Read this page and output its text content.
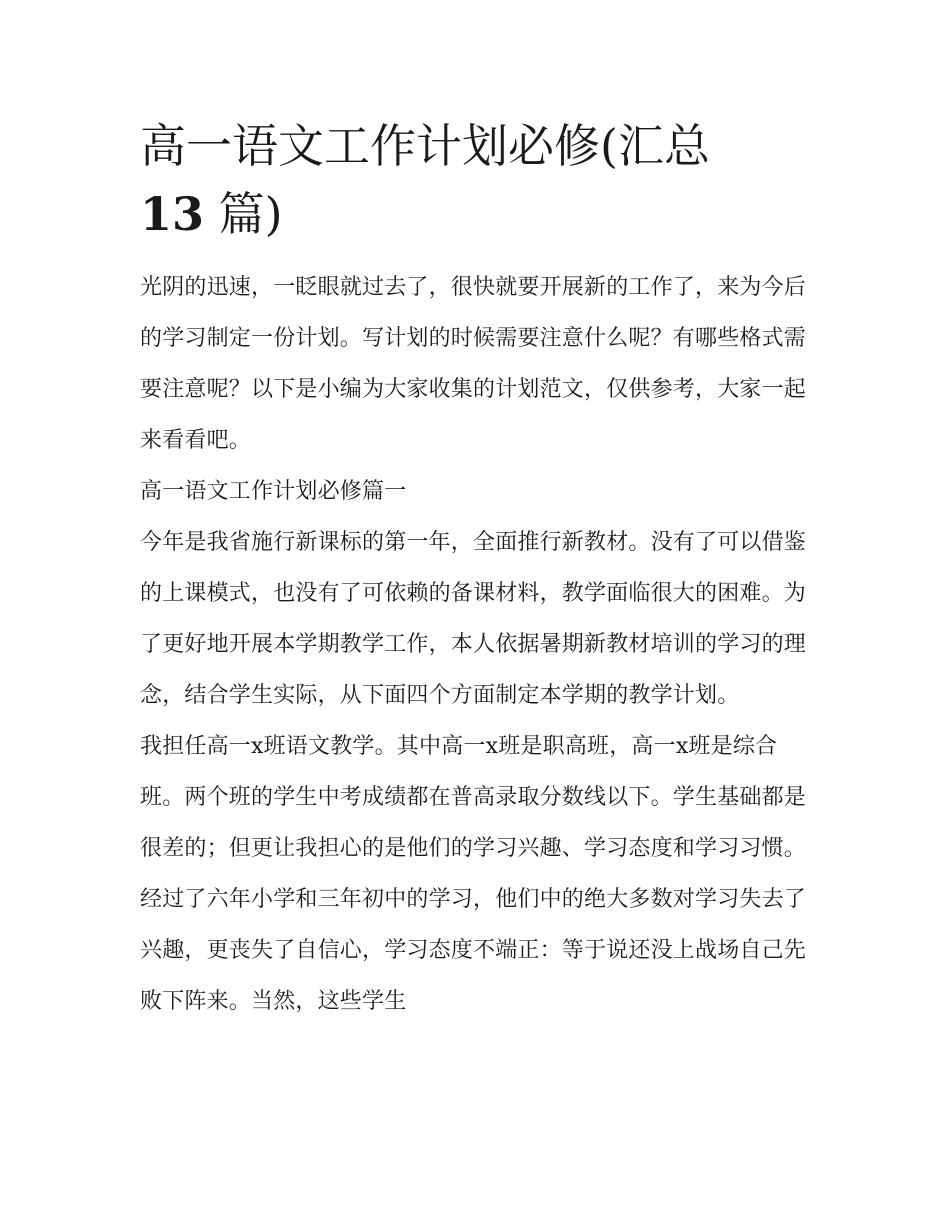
高一语文工作计划必修(汇总
13 篇)

光阴的迅速，一眨眼就过去了，很快就要开展新的工作了，来为今后的学习制定一份计划。写计划的时候需要注意什么呢？有哪些格式需要注意呢？以下是小编为大家收集的计划范文，仅供参考，大家一起来看看吧。

高一语文工作计划必修篇一

今年是我省施行新课标的第一年，全面推行新教材。没有了可以借鉴的上课模式，也没有了可依赖的备课材料，教学面临很大的困难。为了更好地开展本学期教学工作，本人依据暑期新教材培训的学习的理念，结合学生实际，从下面四个方面制定本学期的教学计划。

我担任高一x班语文教学。其中高一x班是职高班，高一x班是综合班。两个班的学生中考成绩都在普高录取分数线以下。学生基础都是很差的；但更让我担心的是他们的学习兴趣、学习态度和学习习惯。经过了六年小学和三年初中的学习，他们中的绝大多数对学习失去了兴趣，更丧失了自信心，学习态度不端正：等于说还没上战场自己先败下阵来。当然，这些学生
